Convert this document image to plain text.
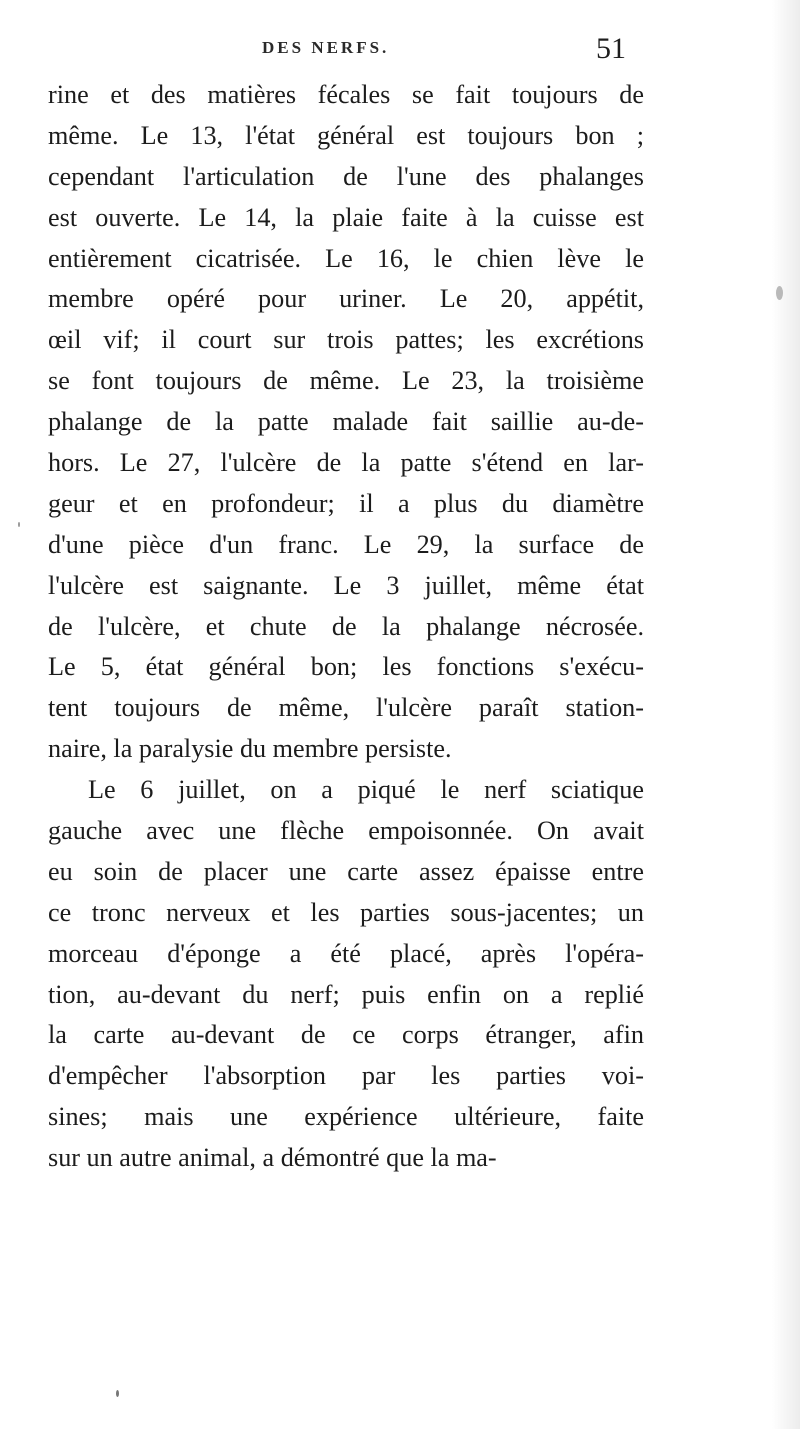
DES NERFS.	51
rine et des matières fécales se fait toujours de
même. Le 13, l'état général est toujours bon ;
cependant l'articulation de l'une des phalanges
est ouverte. Le 14, la plaie faite à la cuisse est
entièrement cicatrisée. Le 16, le chien lève le
membre opéré pour uriner. Le 20, appétit,
œil vif; il court sur trois pattes; les excrétions
se font toujours de même. Le 23, la troisième
phalange de la patte malade fait saillie au-de-
hors. Le 27, l'ulcère de la patte s'étend en lar-
geur et en profondeur; il a plus du diamètre
d'une pièce d'un franc. Le 29, la surface de
l'ulcère est saignante. Le 3 juillet, même état
de l'ulcère, et chute de la phalange nécrosée.
Le 5, état général bon; les fonctions s'exécu-
tent toujours de même, l'ulcère paraît station-
naire, la paralysie du membre persiste.
Le 6 juillet, on a piqué le nerf sciatique
gauche avec une flèche empoisonnée. On avait
eu soin de placer une carte assez épaisse entre
ce tronc nerveux et les parties sous-jacentes; un
morceau d'éponge a été placé, après l'opéra-
tion, au-devant du nerf; puis enfin on a replié
la carte au-devant de ce corps étranger, afin
d'empêcher l'absorption par les parties voi-
sines; mais une expérience ultérieure, faite
sur un autre animal, a démontré que la ma-
